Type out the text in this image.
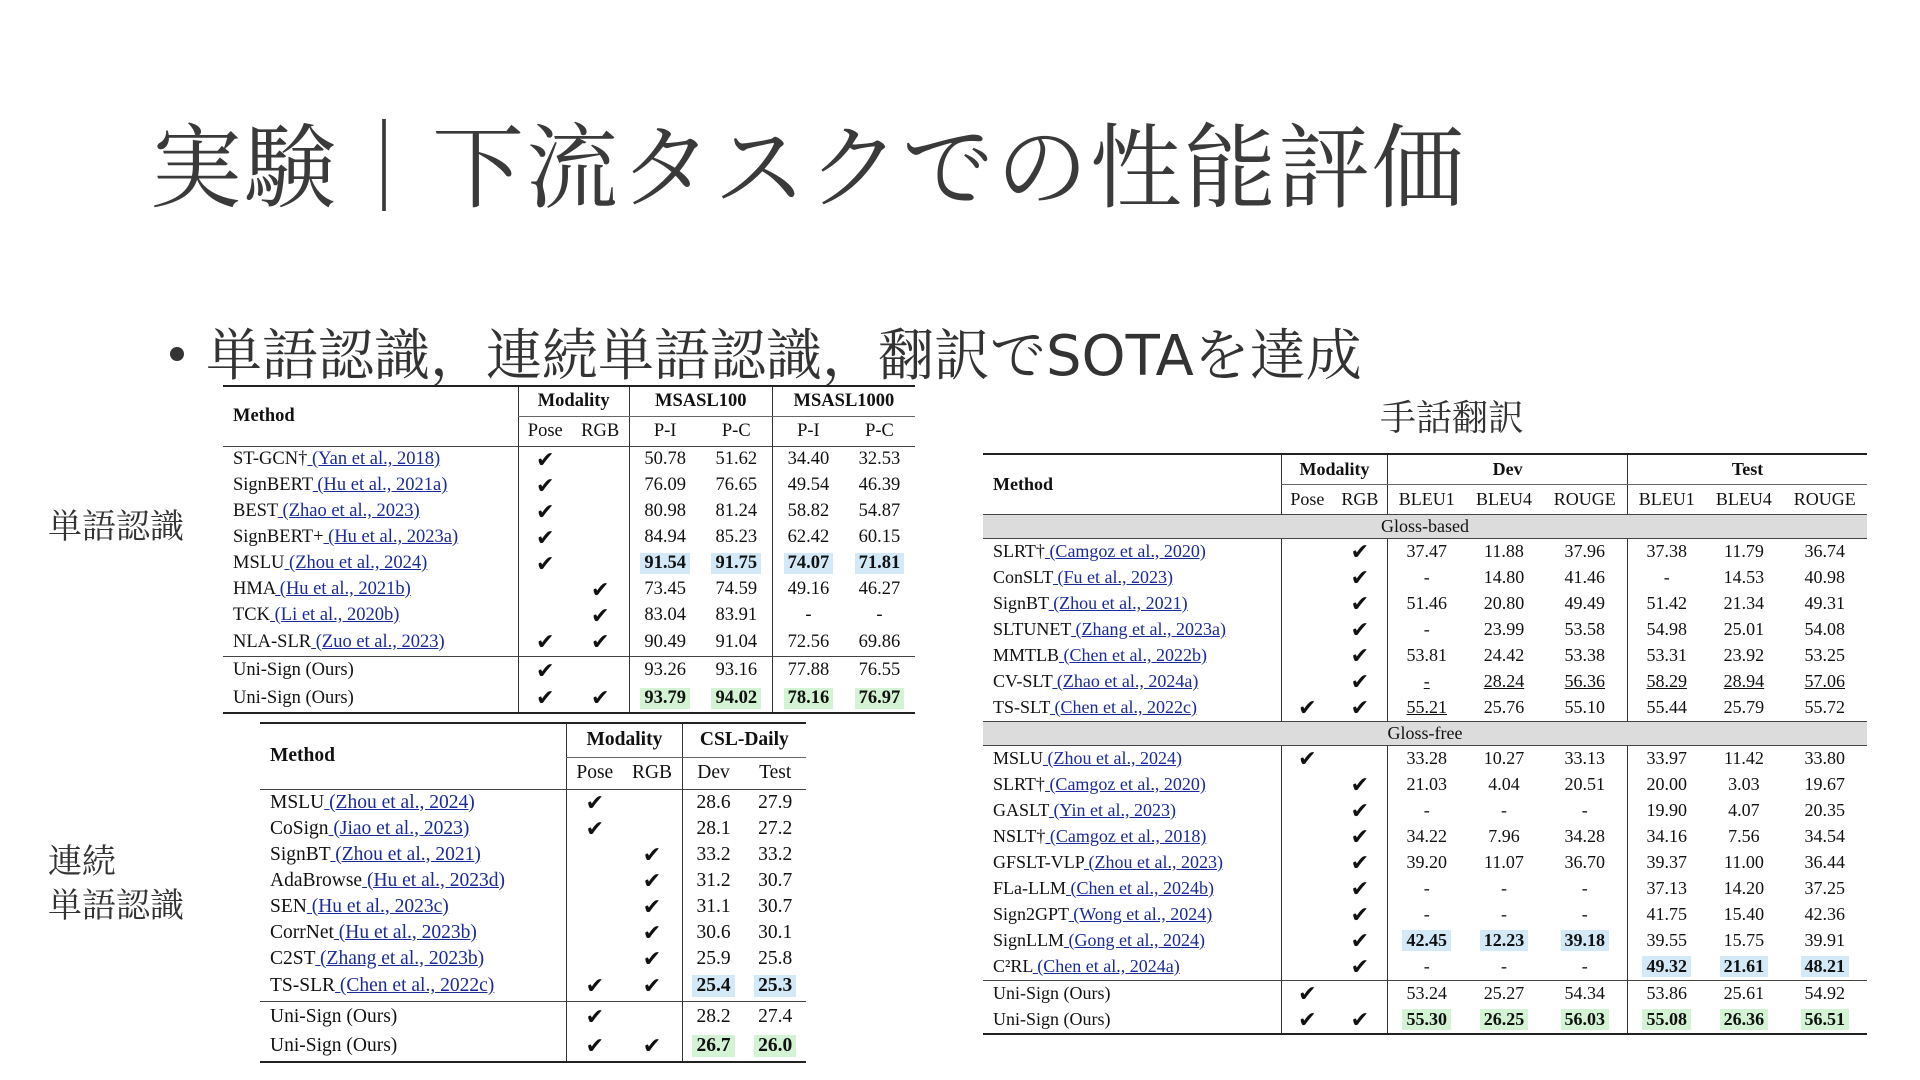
実験｜下流タスクでの性能評価
単語認識，連続単語認識，翻訳でSOTAを達成
単語認識
連続
単語認識
手話翻訳
Method	Modality		MSASL100		MSASL1000	
	Pose	RGB	P-I	P-C	P-I	P-C
ST-GCN† (Yan et al., 2018)	✔		50.78	51.62	34.40	32.53
SignBERT (Hu et al., 2021a)	✔		76.09	76.65	49.54	46.39
BEST (Zhao et al., 2023)	✔		80.98	81.24	58.82	54.87
SignBERT+ (Hu et al., 2023a)	✔		84.94	85.23	62.42	60.15
MSLU (Zhou et al., 2024)	✔		91.54	91.75	74.07	71.81
HMA (Hu et al., 2021b)		✔	73.45	74.59	49.16	46.27
TCK (Li et al., 2020b)		✔	83.04	83.91	-	-
NLA-SLR (Zuo et al., 2023)	✔	✔	90.49	91.04	72.56	69.86
Uni-Sign (Ours)	✔		93.26	93.16	77.88	76.55
Uni-Sign (Ours)	✔	✔	93.79	94.02	78.16	76.97
Method	Modality		CSL-Daily	
	Pose	RGB	Dev	Test
MSLU (Zhou et al., 2024)	✔		28.6	27.9
CoSign (Jiao et al., 2023)	✔		28.1	27.2
SignBT (Zhou et al., 2021)		✔	33.2	33.2
AdaBrowse (Hu et al., 2023d)		✔	31.2	30.7
SEN (Hu et al., 2023c)		✔	31.1	30.7
CorrNet (Hu et al., 2023b)		✔	30.6	30.1
C2ST (Zhang et al., 2023b)		✔	25.9	25.8
TS-SLR (Chen et al., 2022c)	✔	✔	25.4	25.3
Uni-Sign (Ours)	✔		28.2	27.4
Uni-Sign (Ours)	✔	✔	26.7	26.0
Method	Modality		Dev			Test		
	Pose	RGB	BLEU1	BLEU4	ROUGE	BLEU1	BLEU4	ROUGE
Gloss-based								
SLRT† (Camgoz et al., 2020)		✔	37.47	11.88	37.96	37.38	11.79	36.74
ConSLT (Fu et al., 2023)		✔	-	14.80	41.46	-	14.53	40.98
SignBT (Zhou et al., 2021)		✔	51.46	20.80	49.49	51.42	21.34	49.31
SLTUNET (Zhang et al., 2023a)		✔	-	23.99	53.58	54.98	25.01	54.08
MMTLB (Chen et al., 2022b)		✔	53.81	24.42	53.38	53.31	23.92	53.25
CV-SLT (Zhao et al., 2024a)		✔	-	28.24	56.36	58.29	28.94	57.06
TS-SLT (Chen et al., 2022c)	✔	✔	55.21	25.76	55.10	55.44	25.79	55.72
Gloss-free								
MSLU (Zhou et al., 2024)	✔		33.28	10.27	33.13	33.97	11.42	33.80
SLRT† (Camgoz et al., 2020)		✔	21.03	4.04	20.51	20.00	3.03	19.67
GASLT (Yin et al., 2023)		✔	-	-	-	19.90	4.07	20.35
NSLT† (Camgoz et al., 2018)		✔	34.22	7.96	34.28	34.16	7.56	34.54
GFSLT-VLP (Zhou et al., 2023)		✔	39.20	11.07	36.70	39.37	11.00	36.44
FLa-LLM (Chen et al., 2024b)		✔	-	-	-	37.13	14.20	37.25
Sign2GPT (Wong et al., 2024)		✔	-	-	-	41.75	15.40	42.36
SignLLM (Gong et al., 2024)		✔	42.45	12.23	39.18	39.55	15.75	39.91
C²RL (Chen et al., 2024a)		✔	-	-	-	49.32	21.61	48.21
Uni-Sign (Ours)	✔		53.24	25.27	54.34	53.86	25.61	54.92
Uni-Sign (Ours)	✔	✔	55.30	26.25	56.03	55.08	26.36	56.51
